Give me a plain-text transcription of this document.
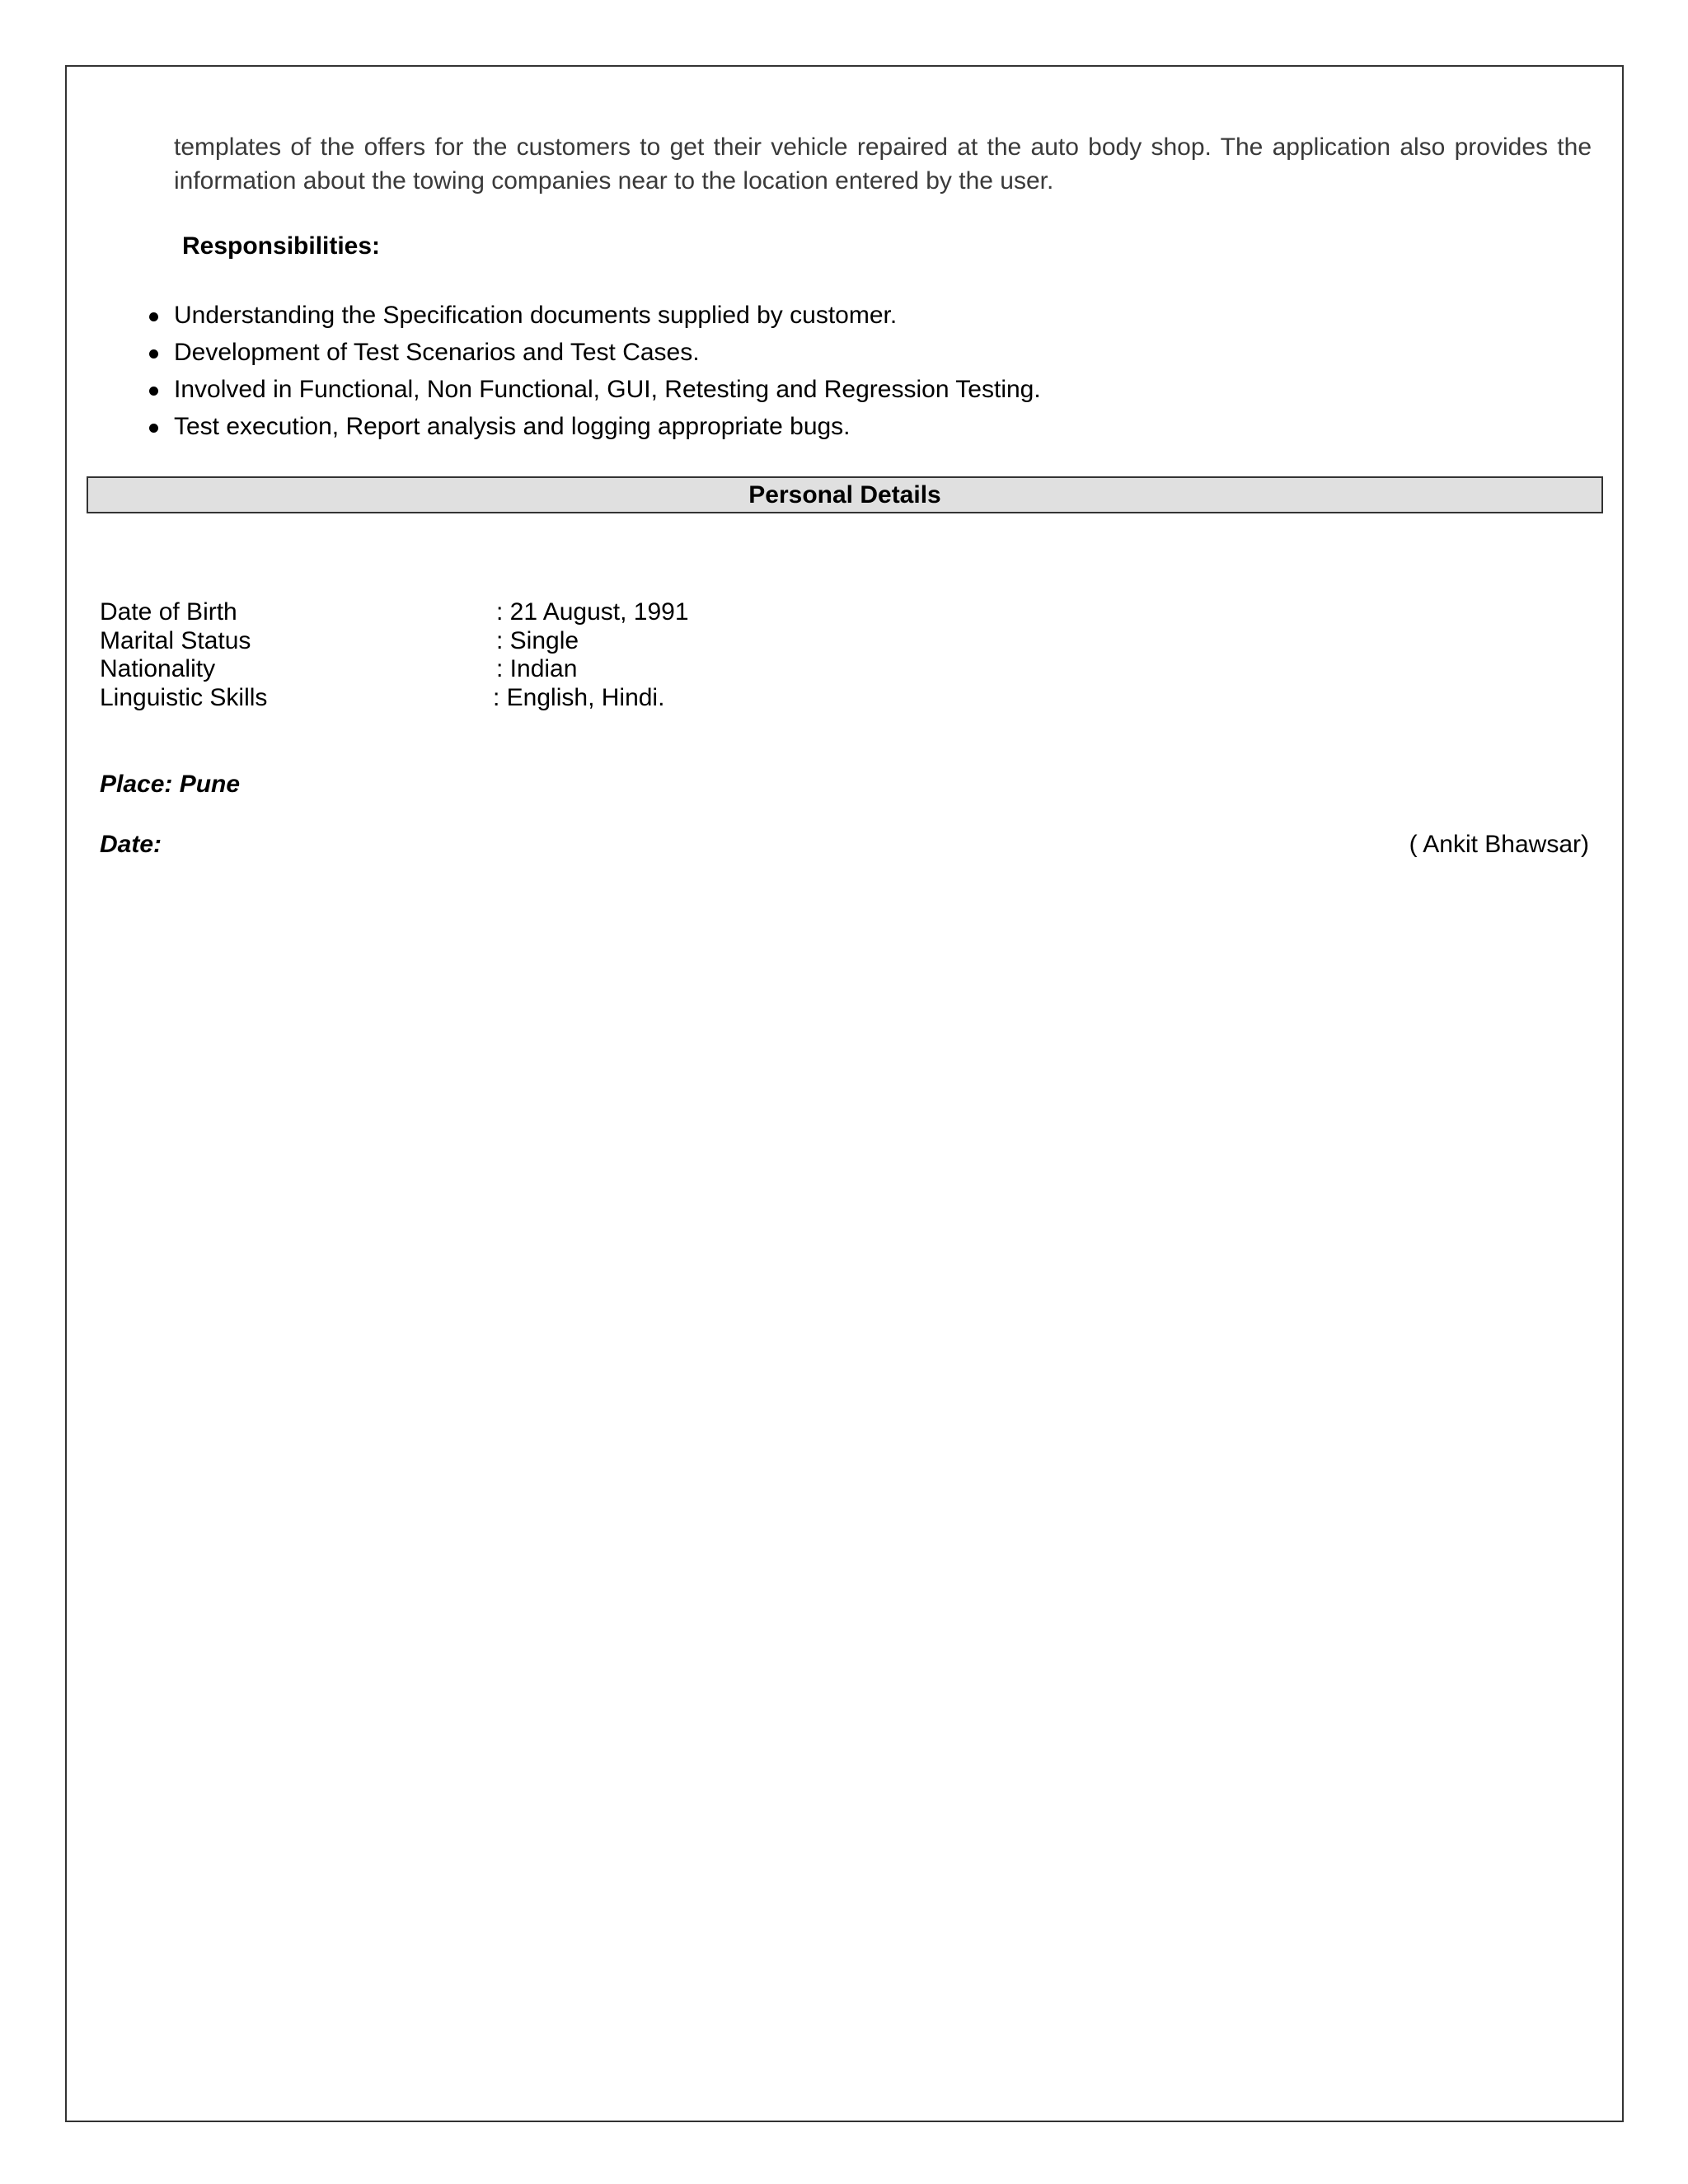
templates of the offers for the customers to get their vehicle repaired at the auto body shop. The application also provides the information about the towing companies near to the location entered by the user.

Responsibilities:

Understanding the Specification documents supplied by customer.
Development of Test Scenarios and Test Cases.
Involved in Functional, Non Functional, GUI, Retesting and Regression Testing.
Test execution, Report analysis and logging appropriate bugs.
Personal Details
Date of Birth	: 21 August, 1991
Marital Status	: Single
Nationality	: Indian
Linguistic Skills	: English, Hindi.
Place: Pune
Date:	( Ankit Bhawsar)
